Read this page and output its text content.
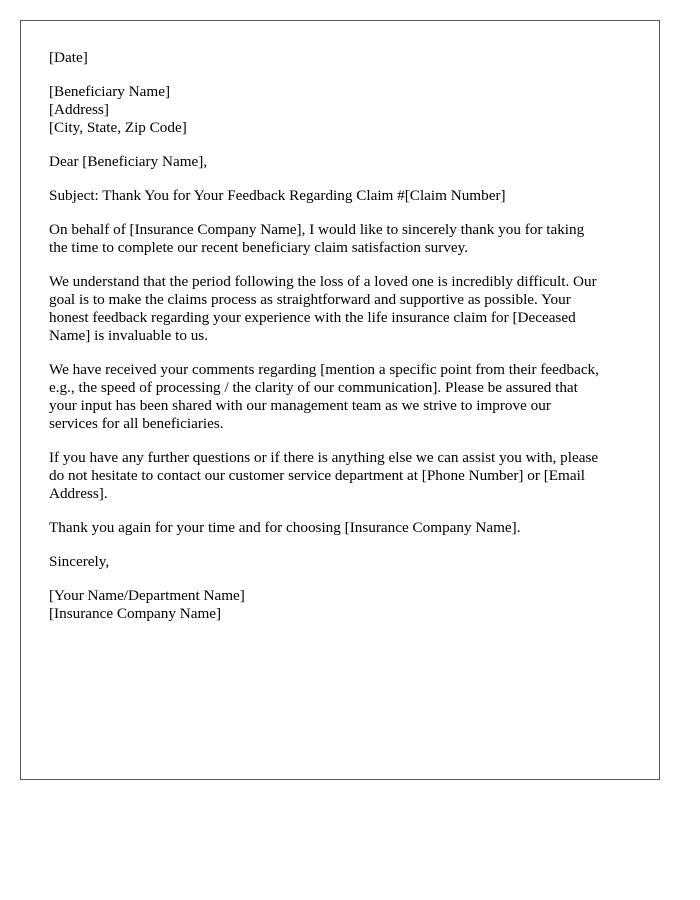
[Date]
[Beneficiary Name]
[Address]
[City, State, Zip Code]
Dear [Beneficiary Name],
Subject: Thank You for Your Feedback Regarding Claim #[Claim Number]
On behalf of [Insurance Company Name], I would like to sincerely thank you for taking
the time to complete our recent beneficiary claim satisfaction survey.
We understand that the period following the loss of a loved one is incredibly difficult. Our
goal is to make the claims process as straightforward and supportive as possible. Your
honest feedback regarding your experience with the life insurance claim for [Deceased
Name] is invaluable to us.
We have received your comments regarding [mention a specific point from their feedback,
e.g., the speed of processing / the clarity of our communication]. Please be assured that
your input has been shared with our management team as we strive to improve our
services for all beneficiaries.
If you have any further questions or if there is anything else we can assist you with, please
do not hesitate to contact our customer service department at [Phone Number] or [Email
Address].
Thank you again for your time and for choosing [Insurance Company Name].
Sincerely,
[Your Name/Department Name]
[Insurance Company Name]
